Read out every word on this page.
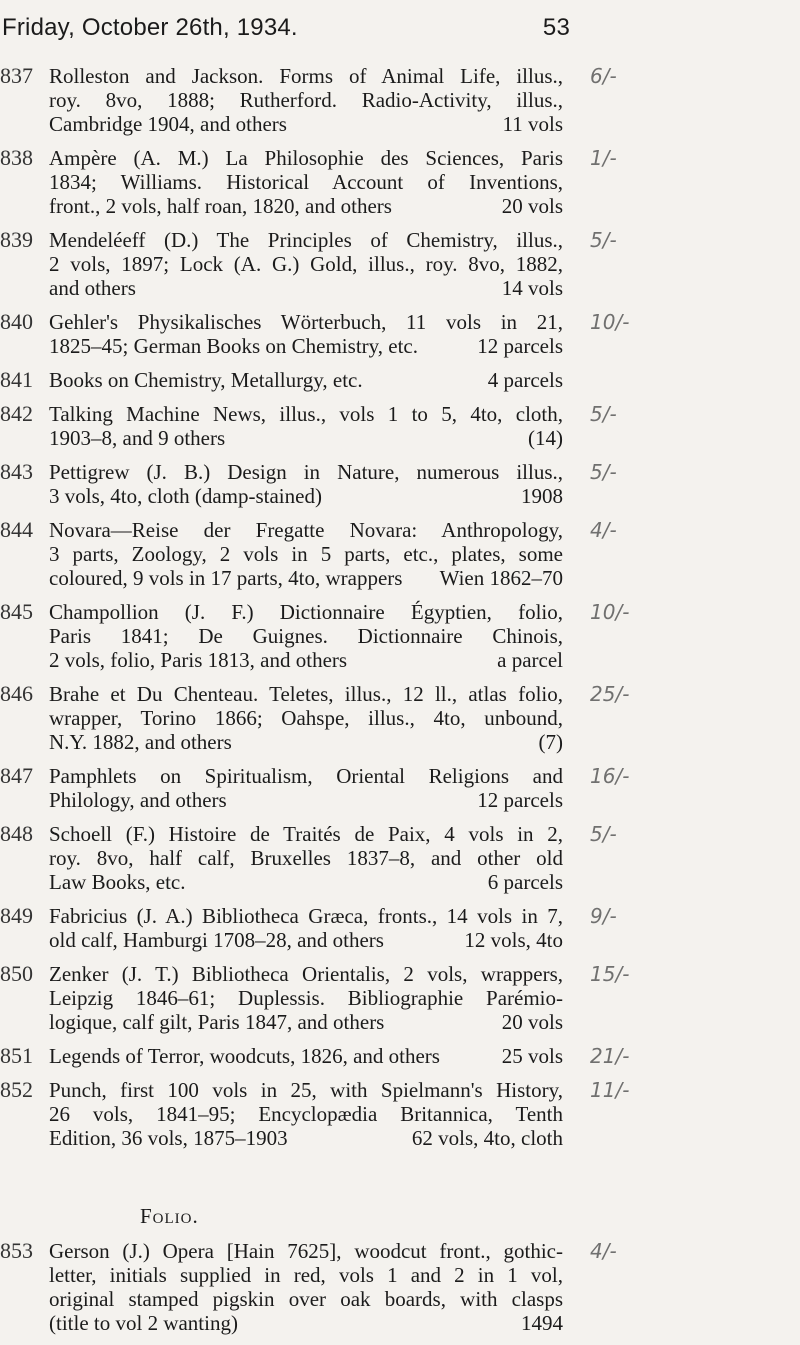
Friday, October 26th, 1934.	53
837 Rolleston and Jackson. Forms of Animal Life, illus.,
roy. 8vo, 1888; Rutherford. Radio-Activity, illus.,
Cambridge 1904, and others	11 vols
6/-
838 Ampère (A. M.) La Philosophie des Sciences, Paris
1834; Williams. Historical Account of Inventions,
front., 2 vols, half roan, 1820, and others	20 vols
1/-
839 Mendeléeff (D.) The Principles of Chemistry, illus.,
2 vols, 1897; Lock (A. G.) Gold, illus., roy. 8vo, 1882,
and others	14 vols
5/-
840 Gehler's Physikalisches Wörterbuch, 11 vols in 21,
1825–45; German Books on Chemistry, etc.	12 parcels
10/-
841 Books on Chemistry, Metallurgy, etc.	4 parcels
842 Talking Machine News, illus., vols 1 to 5, 4to, cloth,
1903–8, and 9 others	(14)
5/-
843 Pettigrew (J. B.) Design in Nature, numerous illus.,
3 vols, 4to, cloth (damp-stained)	1908
5/-
844 Novara—Reise der Fregatte Novara: Anthropology,
3 parts, Zoology, 2 vols in 5 parts, etc., plates, some
coloured, 9 vols in 17 parts, 4to, wrappers Wien 1862–70
4/-
845 Champollion (J. F.) Dictionnaire Égyptien, folio,
Paris 1841; De Guignes. Dictionnaire Chinois,
2 vols, folio, Paris 1813, and others	a parcel
10/-
846 Brahe et Du Chenteau. Teletes, illus., 12 ll., atlas folio,
wrapper, Torino 1866; Oahspe, illus., 4to, unbound,
N.Y. 1882, and others	(7)
25/-
847 Pamphlets on Spiritualism, Oriental Religions and
Philology, and others	12 parcels
16/-
848 Schoell (F.) Histoire de Traités de Paix, 4 vols in 2,
roy. 8vo, half calf, Bruxelles 1837–8, and other old
Law Books, etc.	6 parcels
5/-
849 Fabricius (J. A.) Bibliotheca Græca, fronts., 14 vols in 7,
old calf, Hamburgi 1708–28, and others	12 vols, 4to
9/-
850 Zenker (J. T.) Bibliotheca Orientalis, 2 vols, wrappers,
Leipzig 1846–61; Duplessis. Bibliographie Parémio-
logique, calf gilt, Paris 1847, and others	20 vols
15/-
851 Legends of Terror, woodcuts, 1826, and others	25 vols 21/-
852 Punch, first 100 vols in 25, with Spielmann's History,
26 vols, 1841–95; Encyclopædia Britannica, Tenth
Edition, 36 vols, 1875–1903	62 vols, 4to, cloth
11/-
Folio.
853 Gerson (J.) Opera [Hain 7625], woodcut front., gothic-
letter, initials supplied in red, vols 1 and 2 in 1 vol,
original stamped pigskin over oak boards, with clasps
(title to vol 2 wanting)	1494
4/-
